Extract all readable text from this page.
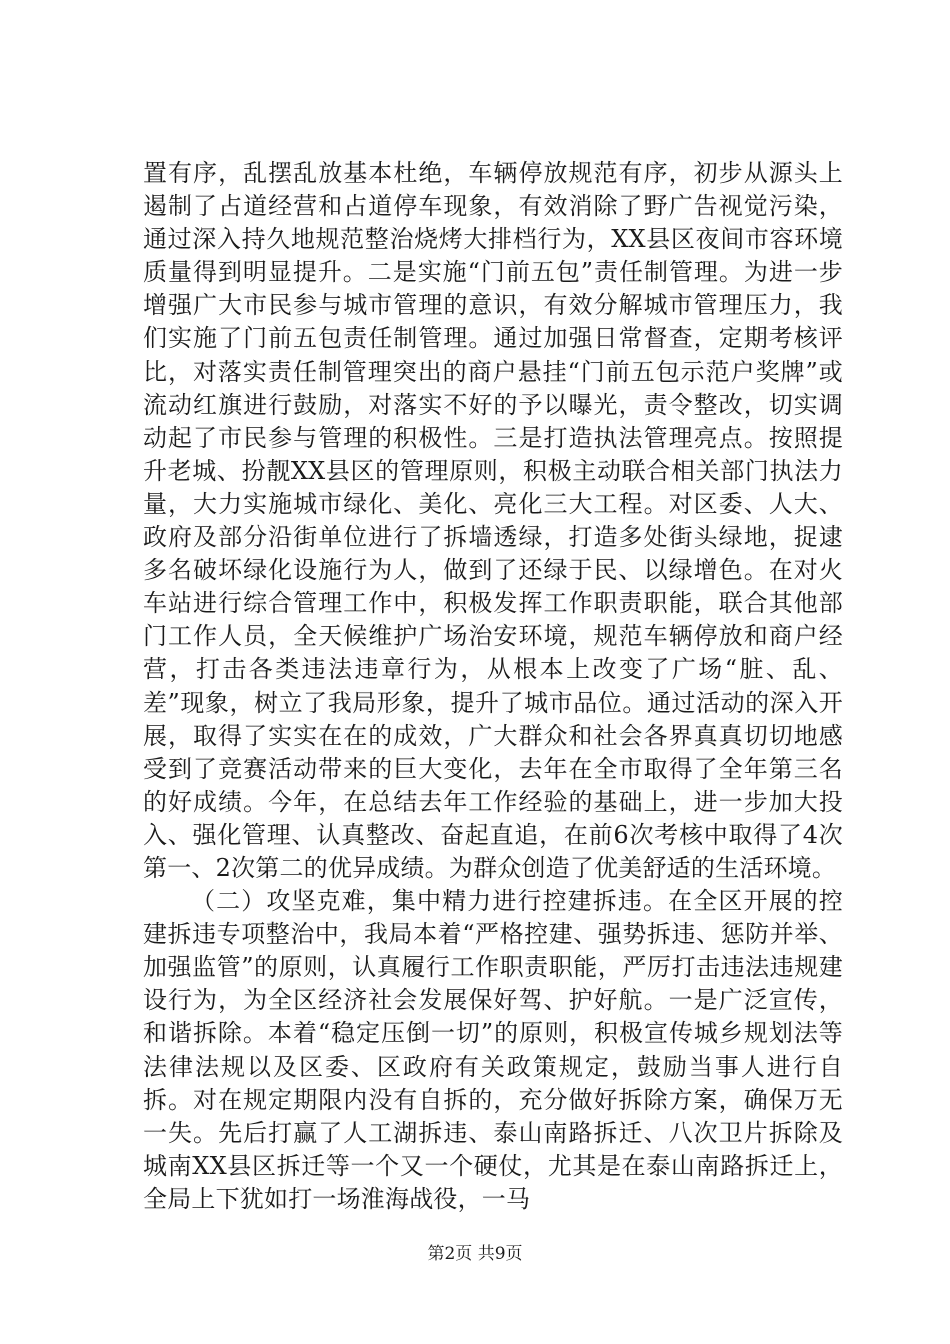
置有序，乱摆乱放基本杜绝，车辆停放规范有序，初步从源头上遏制了占道经营和占道停车现象，有效消除了野广告视觉污染，通过深入持久地规范整治烧烤大排档行为，XX县区夜间市容环境质量得到明显提升。二是实施“门前五包”责任制管理。为进一步增强广大市民参与城市管理的意识，有效分解城市管理压力，我们实施了门前五包责任制管理。通过加强日常督查，定期考核评比，对落实责任制管理突出的商户悬挂“门前五包示范户奖牌”或流动红旗进行鼓励，对落实不好的予以曝光，责令整改，切实调动起了市民参与管理的积极性。三是打造执法管理亮点。按照提升老城、扮靓XX县区的管理原则，积极主动联合相关部门执法力量，大力实施城市绿化、美化、亮化三大工程。对区委、人大、政府及部分沿街单位进行了拆墙透绿，打造多处街头绿地，捉逮多名破坏绿化设施行为人，做到了还绿于民、以绿增色。在对火车站进行综合管理工作中，积极发挥工作职责职能，联合其他部门工作人员，全天候维护广场治安环境，规范车辆停放和商户经营，打击各类违法违章行为，从根本上改变了广场“脏、乱、差”现象，树立了我局形象，提升了城市品位。通过活动的深入开展，取得了实实在在的成效，广大群众和社会各界真真切切地感受到了竞赛活动带来的巨大变化，去年在全市取得了全年第三名的好成绩。今年，在总结去年工作经验的基础上，进一步加大投入、强化管理、认真整改、奋起直追，在前6次考核中取得了4次第一、2次第二的优异成绩。为群众创造了优美舒适的生活环境。

（二）攻坚克难，集中精力进行控建拆违。在全区开展的控建拆违专项整治中，我局本着“严格控建、强势拆违、惩防并举、加强监管”的原则，认真履行工作职责职能，严厉打击违法违规建设行为，为全区经济社会发展保好驾、护好航。一是广泛宣传，和谐拆除。本着“稳定压倒一切”的原则，积极宣传城乡规划法等法律法规以及区委、区政府有关政策规定，鼓励当事人进行自拆。对在规定期限内没有自拆的，充分做好拆除方案，确保万无一失。先后打赢了人工湖拆违、泰山南路拆迁、八次卫片拆除及城南XX县区拆迁等一个又一个硬仗，尤其是在泰山南路拆迁上，全局上下犹如打一场淮海战役，一马

第2页 共9页
